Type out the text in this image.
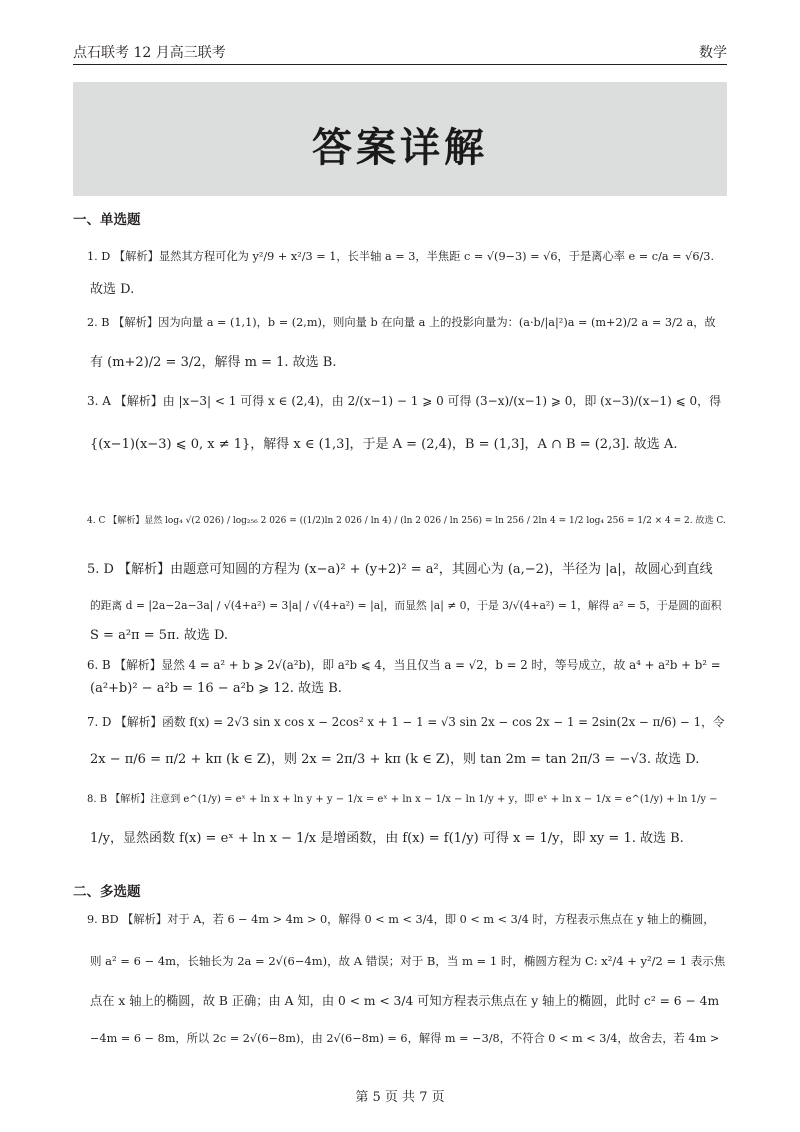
点石联考 12 月高三联考	数学
答案详解
一、单选题
1. D 【解析】显然其方程可化为 y²/9 + x²/3 = 1，长半轴 a = 3，半焦距 c = √(9−3) = √6，于是离心率 e = c/a = √6/3.
故选 D.
2. B 【解析】因为向量 a = (1,1)，b = (2,m)，则向量 b 在向量 a 上的投影向量为：(a·b/|a|²)a = (m+2)/2 a = 3/2 a，故
有 (m+2)/2 = 3/2，解得 m = 1. 故选 B.
3. A 【解析】由 |x−3| < 1 可得 x ∈ (2,4)，由 2/(x−1) − 1 ⩾ 0 可得 (3−x)/(x−1) ⩾ 0，即 (x−3)/(x−1) ⩽ 0，得
{(x−1)(x−3) ⩽ 0, x ≠ 1}，解得 x ∈ (1,3]，于是 A = (2,4)，B = (1,3]，A ∩ B = (2,3]. 故选 A.
4. C 【解析】显然 log₄ √(2 026) / log₂₅₆ 2 026 = ((1/2)ln 2 026 / ln 4) / (ln 2 026 / ln 256) = ln 256 / 2ln 4 = 1/2 log₄ 256 = 1/2 × 4 = 2. 故选 C.
5. D 【解析】由题意可知圆的方程为 (x−a)² + (y+2)² = a²，其圆心为 (a,−2)，半径为 |a|，故圆心到直线
的距离 d = |2a−2a−3a| / √(4+a²) = 3|a| / √(4+a²) = |a|，而显然 |a| ≠ 0，于是 3/√(4+a²) = 1，解得 a² = 5，于是圆的面积
S = a²π = 5π. 故选 D.
6. B 【解析】显然 4 = a² + b ⩾ 2√(a²b)，即 a²b ⩽ 4，当且仅当 a = √2，b = 2 时，等号成立，故 a⁴ + a²b + b² =
(a²+b)² − a²b = 16 − a²b ⩾ 12. 故选 B.
7. D 【解析】函数 f(x) = 2√3 sin x cos x − 2cos² x + 1 − 1 = √3 sin 2x − cos 2x − 1 = 2sin(2x − π/6) − 1，令
2x − π/6 = π/2 + kπ (k ∈ Z)，则 2x = 2π/3 + kπ (k ∈ Z)，则 tan 2m = tan 2π/3 = −√3. 故选 D.
8. B 【解析】注意到 e^(1/y) = eˣ + ln x + ln y + y − 1/x = eˣ + ln x − 1/x − ln 1/y + y，即 eˣ + ln x − 1/x = e^(1/y) + ln 1/y −
1/y，显然函数 f(x) = eˣ + ln x − 1/x 是增函数，由 f(x) = f(1/y) 可得 x = 1/y，即 xy = 1. 故选 B.
二、多选题
9. BD 【解析】对于 A，若 6 − 4m > 4m > 0，解得 0 < m < 3/4，即 0 < m < 3/4 时，方程表示焦点在 y 轴上的椭圆，
则 a² = 6 − 4m，长轴长为 2a = 2√(6−4m)，故 A 错误；对于 B，当 m = 1 时，椭圆方程为 C: x²/4 + y²/2 = 1 表示焦
点在 x 轴上的椭圆，故 B 正确；由 A 知，由 0 < m < 3/4 可知方程表示焦点在 y 轴上的椭圆，此时 c² = 6 − 4m
−4m = 6 − 8m，所以 2c = 2√(6−8m)，由 2√(6−8m) = 6，解得 m = −3/8，不符合 0 < m < 3/4，故舍去，若 4m >
第 5 页 共 7 页
